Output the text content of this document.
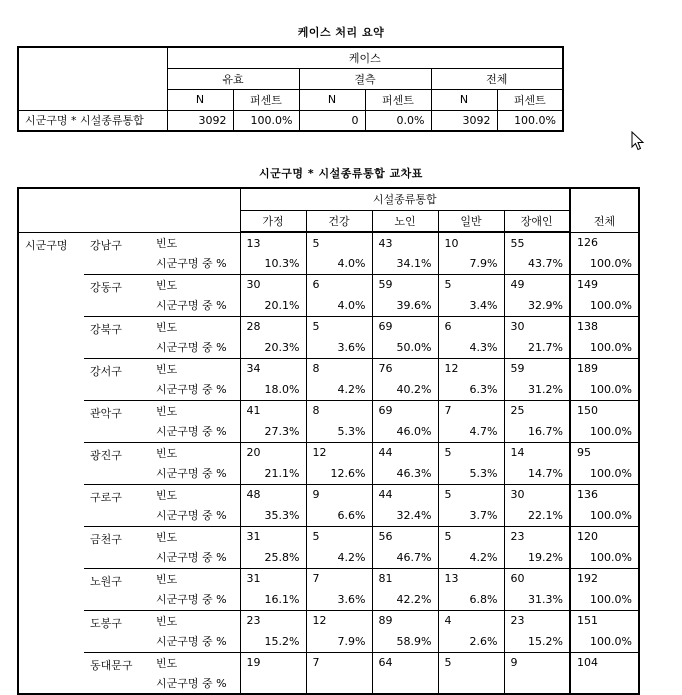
케이스 처리 요약
	케이스					
	유효		결측		전체	
	N	퍼센트	N	퍼센트	N	퍼센트
시군구명 * 시설종류통합	3092	100.0%	0	0.0%	3092	100.0%
시군구명 * 시설종류통합 교차표
			시설종류통합					전체
			가정	건강	노인	일반	장애인	
시군구명	강남구	빈도	13	5	43	10	55	126
		시군구명 중 %	10.3%	4.0%	34.1%	7.9%	43.7%	100.0%
	강동구	빈도	30	6	59	5	49	149
		시군구명 중 %	20.1%	4.0%	39.6%	3.4%	32.9%	100.0%
	강북구	빈도	28	5	69	6	30	138
		시군구명 중 %	20.3%	3.6%	50.0%	4.3%	21.7%	100.0%
	강서구	빈도	34	8	76	12	59	189
		시군구명 중 %	18.0%	4.2%	40.2%	6.3%	31.2%	100.0%
	관악구	빈도	41	8	69	7	25	150
		시군구명 중 %	27.3%	5.3%	46.0%	4.7%	16.7%	100.0%
	광진구	빈도	20	12	44	5	14	95
		시군구명 중 %	21.1%	12.6%	46.3%	5.3%	14.7%	100.0%
	구로구	빈도	48	9	44	5	30	136
		시군구명 중 %	35.3%	6.6%	32.4%	3.7%	22.1%	100.0%
	금천구	빈도	31	5	56	5	23	120
		시군구명 중 %	25.8%	4.2%	46.7%	4.2%	19.2%	100.0%
	노원구	빈도	31	7	81	13	60	192
		시군구명 중 %	16.1%	3.6%	42.2%	6.8%	31.3%	100.0%
	도봉구	빈도	23	12	89	4	23	151
		시군구명 중 %	15.2%	7.9%	58.9%	2.6%	15.2%	100.0%
	동대문구	빈도	19	7	64	5	9	104
		시군구명 중 %						
